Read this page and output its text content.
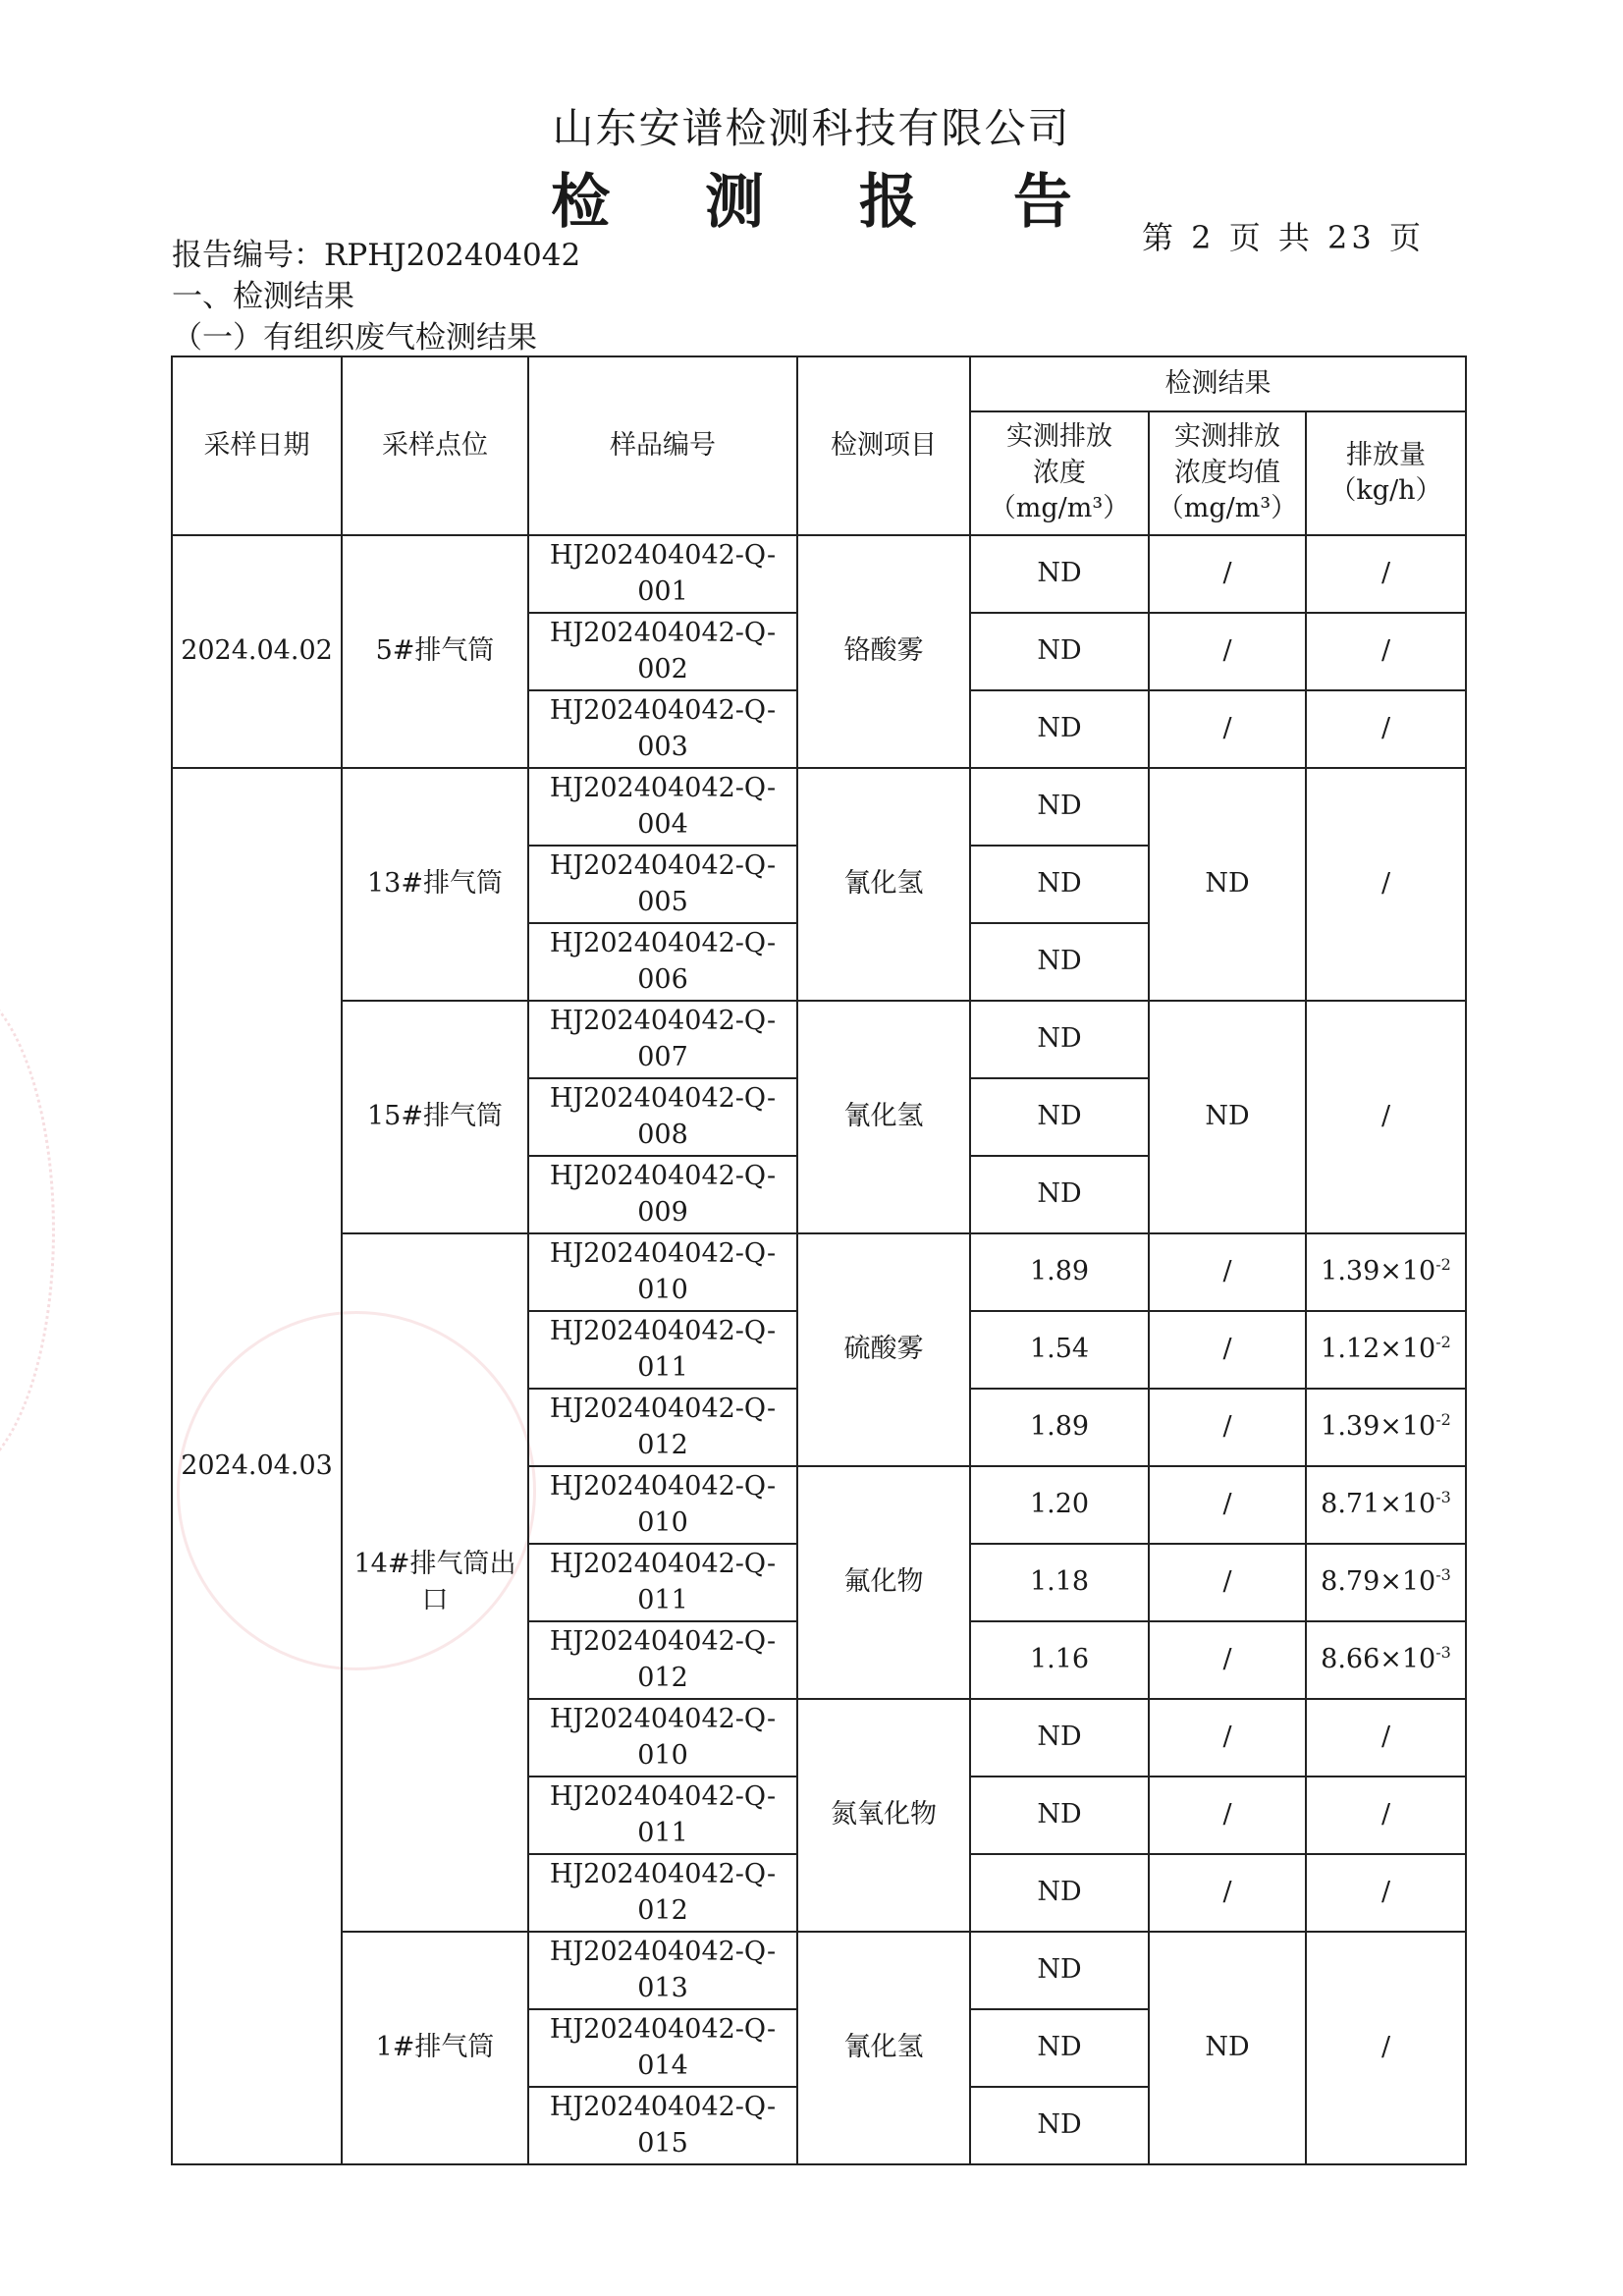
山东安谱检测科技有限公司
检 测 报 告
第 2 页 共 23 页
报告编号：RPHJ202404042
一、检测结果
（一）有组织废气检测结果
采样日期	采样点位	样品编号	检测项目	检测结果		
				实测排放
浓度
（mg/m³）	实测排放
浓度均值
（mg/m³）	排放量
（kg/h）
2024.04.02	5#排气筒	HJ202404042-Q-001	铬酸雾	ND	/	/
		HJ202404042-Q-002		ND	/	/
		HJ202404042-Q-003		ND	/	/
2024.04.03	13#排气筒	HJ202404042-Q-004	氰化氢	ND	ND	/
		HJ202404042-Q-005		ND		
		HJ202404042-Q-006		ND		
	15#排气筒	HJ202404042-Q-007	氰化氢	ND	ND	/
		HJ202404042-Q-008		ND		
		HJ202404042-Q-009		ND		
	14#排气筒出口	HJ202404042-Q-010	硫酸雾	1.89	/	$1.39\times 10^{-2}$
		HJ202404042-Q-011		1.54	/	$1.12\times 10^{-2}$
		HJ202404042-Q-012		1.89	/	$1.39\times 10^{-2}$
		HJ202404042-Q-010	氟化物	1.20	/	$8.71\times 10^{-3}$
		HJ202404042-Q-011		1.18	/	$8.79\times 10^{-3}$
		HJ202404042-Q-012		1.16	/	$8.66\times 10^{-3}$
		HJ202404042-Q-010	氮氧化物	ND	/	/
		HJ202404042-Q-011		ND	/	/
		HJ202404042-Q-012		ND	/	/
	1#排气筒	HJ202404042-Q-013	氰化氢	ND	ND	/
		HJ202404042-Q-014		ND		
		HJ202404042-Q-015		ND		
